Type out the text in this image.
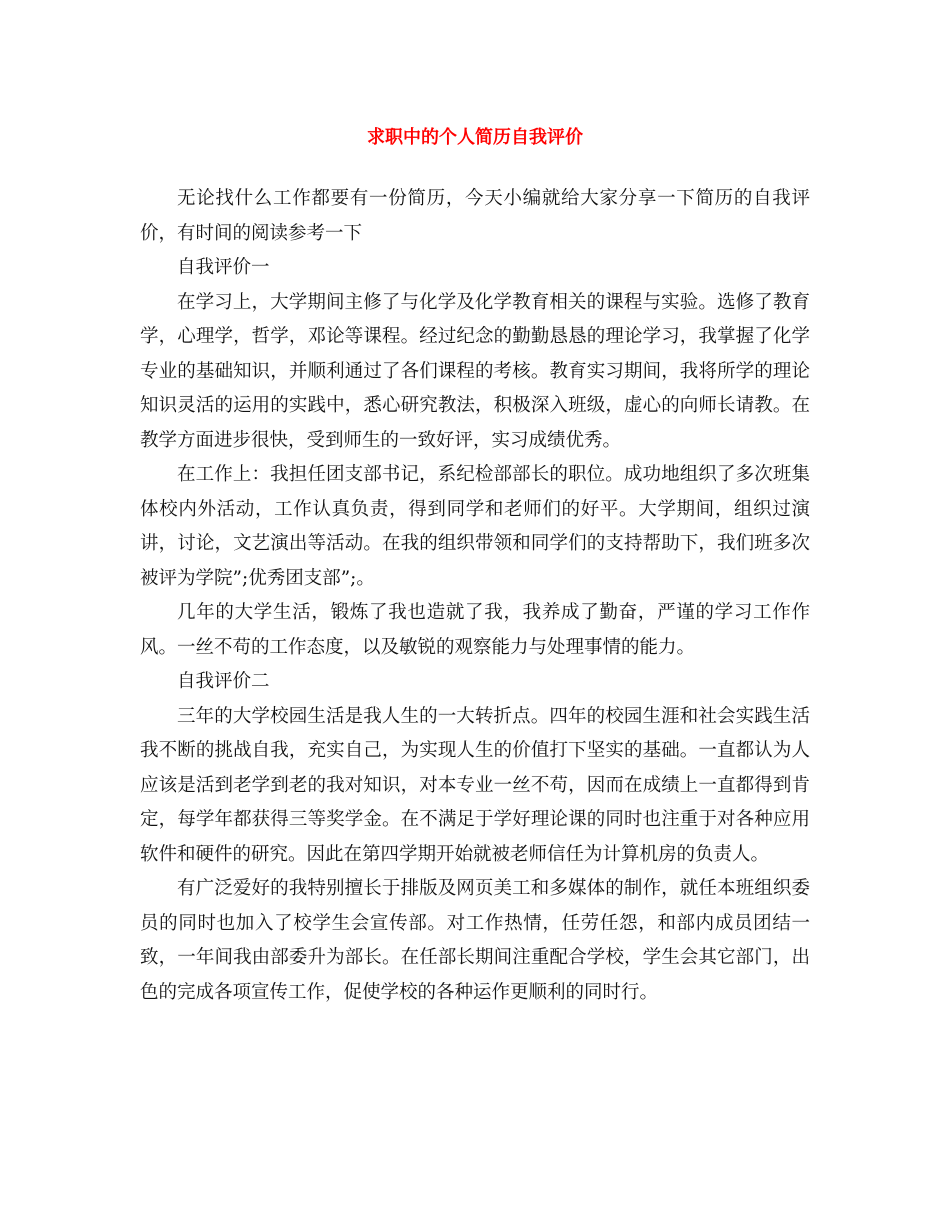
求职中的个人简历自我评价

无论找什么工作都要有一份简历，今天小编就给大家分享一下简历的自我评价，有时间的阅读参考一下

自我评价一

在学习上，大学期间主修了与化学及化学教育相关的课程与实验。选修了教育学，心理学，哲学，邓论等课程。经过纪念的勤勤恳恳的理论学习，我掌握了化学专业的基础知识，并顺利通过了各们课程的考核。教育实习期间，我将所学的理论知识灵活的运用的实践中，悉心研究教法，积极深入班级，虚心的向师长请教。在教学方面进步很快，受到师生的一致好评，实习成绩优秀。

在工作上：我担任团支部书记，系纪检部部长的职位。成功地组织了多次班集体校内外活动，工作认真负责，得到同学和老师们的好平。大学期间，组织过演讲，讨论，文艺演出等活动。在我的组织带领和同学们的支持帮助下，我们班多次被评为学院”;优秀团支部”;。

几年的大学生活，锻炼了我也造就了我，我养成了勤奋，严谨的学习工作作风。一丝不苟的工作态度，以及敏锐的观察能力与处理事情的能力。

自我评价二

三年的大学校园生活是我人生的一大转折点。四年的校园生涯和社会实践生活我不断的挑战自我，充实自己，为实现人生的价值打下坚实的基础。一直都认为人应该是活到老学到老的我对知识，对本专业一丝不苟，因而在成绩上一直都得到肯定，每学年都获得三等奖学金。在不满足于学好理论课的同时也注重于对各种应用软件和硬件的研究。因此在第四学期开始就被老师信任为计算机房的负责人。

有广泛爱好的我特别擅长于排版及网页美工和多媒体的制作，就任本班组织委员的同时也加入了校学生会宣传部。对工作热情，任劳任怨，和部内成员团结一致，一年间我由部委升为部长。在任部长期间注重配合学校，学生会其它部门，出色的完成各项宣传工作，促使学校的各种运作更顺利的同时行。
